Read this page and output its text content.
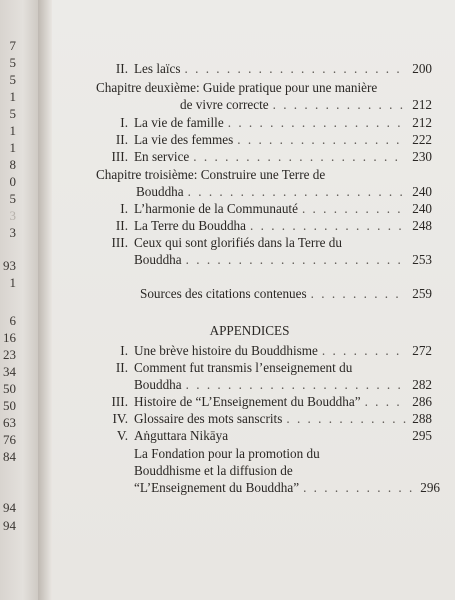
7
5
5
1
5
1
1
8
0
5
3
3
93
1
6
16
23
34
50
50
63
76
84
94
94
II. Les laïcs . . .	200
Chapitre deuxième: Guide pratique pour une manière
de vivre correcte . . .	212
I. La vie de famille . . .	212
II. La vie des femmes . . .	222
III. En service . . .	230
Chapitre troisième: Construire une Terre de
Bouddha . . .	240
I. L’harmonie de la Communauté . . .	240
II. La Terre du Bouddha . . .	248
III. Ceux qui sont glorifiés dans la Terre du
Bouddha . . .	253
Sources des citations contenues . . .	259
APPENDICES
I. Une brève histoire du Bouddhisme . . .	272
II. Comment fut transmis l’enseignement du
Bouddha . . .	282
III. Histoire de “L’Enseignement du Bouddha” . . .	286
IV. Glossaire des mots sanscrits . . .	288
V. Aṅguttara Nikāya	295
La Fondation pour la promotion du
Bouddhisme et la diffusion de
“L’Enseignement du Bouddha” . . .	296
